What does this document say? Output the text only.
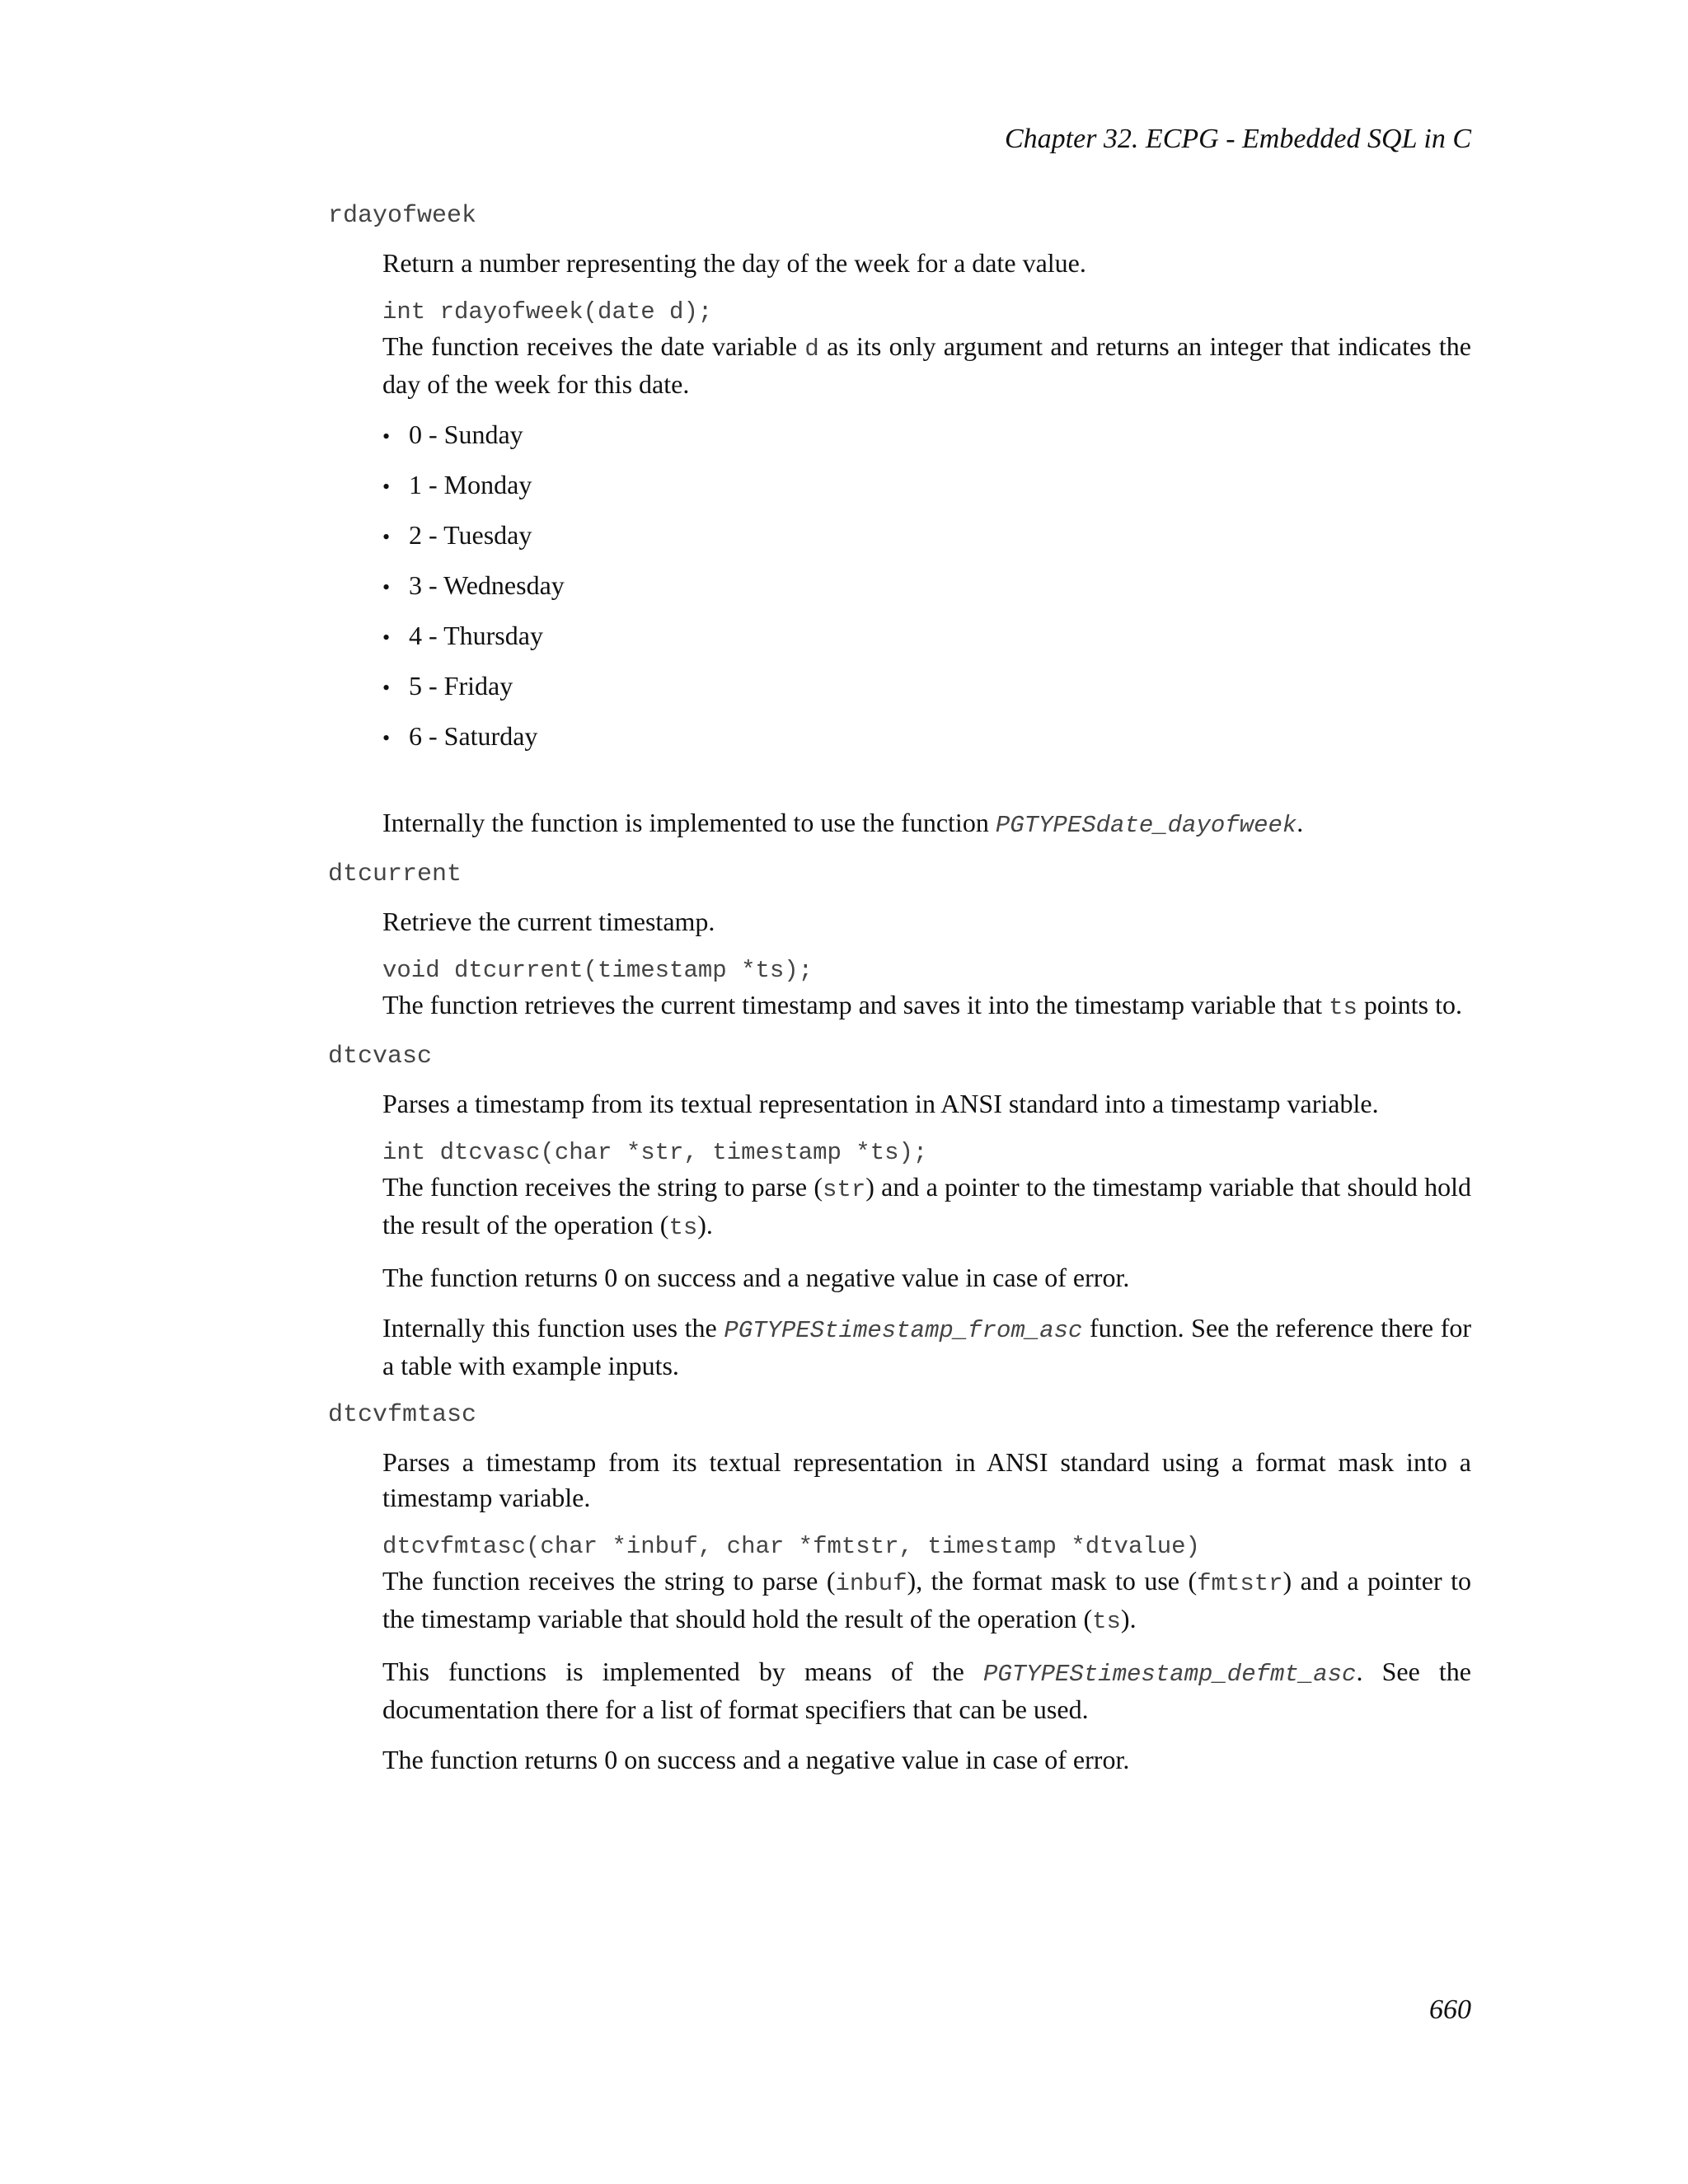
Chapter 32. ECPG - Embedded SQL in C
rdayofweek

Return a number representing the day of the week for a date value.

int rdayofweek(date d);

The function receives the date variable d as its only argument and returns an integer that indicates the day of the week for this date.

• 0 - Sunday
• 1 - Monday
• 2 - Tuesday
• 3 - Wednesday
• 4 - Thursday
• 5 - Friday
• 6 - Saturday

Internally the function is implemented to use the function PGTYPESdate_dayofweek.

dtcurrent

Retrieve the current timestamp.

void dtcurrent(timestamp *ts);

The function retrieves the current timestamp and saves it into the timestamp variable that ts points to.

dtcvasc

Parses a timestamp from its textual representation in ANSI standard into a timestamp variable.

int dtcvasc(char *str, timestamp *ts);

The function receives the string to parse (str) and a pointer to the timestamp variable that should hold the result of the operation (ts).

The function returns 0 on success and a negative value in case of error.

Internally this function uses the PGTYPEStimestamp_from_asc function. See the reference there for a table with example inputs.

dtcvfmtasc

Parses a timestamp from its textual representation in ANSI standard using a format mask into a timestamp variable.

dtcvfmtasc(char *inbuf, char *fmtstr, timestamp *dtvalue)

The function receives the string to parse (inbuf), the format mask to use (fmtstr) and a pointer to the timestamp variable that should hold the result of the operation (ts).

This functions is implemented by means of the PGTYPEStimestamp_defmt_asc. See the documentation there for a list of format specifiers that can be used.

The function returns 0 on success and a negative value in case of error.

660
